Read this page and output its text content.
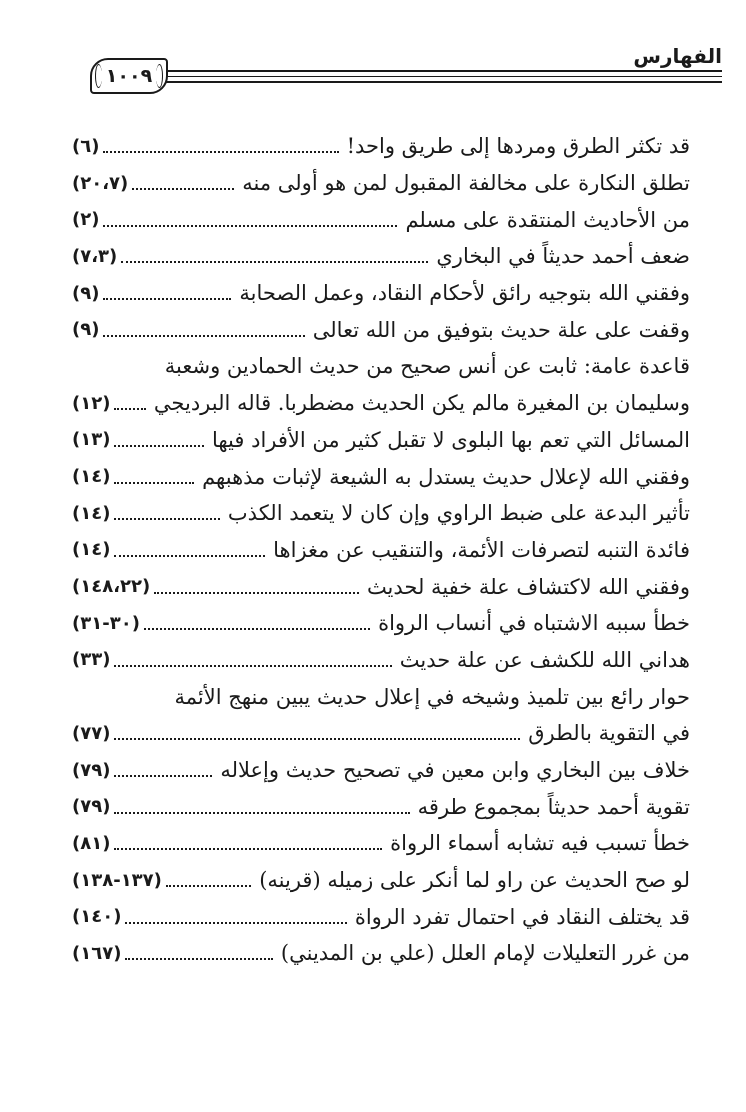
١٠٠٩
الفهارس
قد تكثر الطرق ومردها إلى طريق واحد!
(٦)
تطلق النكارة على مخالفة المقبول لمن هو أولى منه
(٢٠،٧)
من الأحاديث المنتقدة على مسلم
(٢)
ضعف أحمد حديثاً في البخاري
(٧،٣)
وفقني الله بتوجيه رائق لأحكام النقاد، وعمل الصحابة
(٩)
وقفت على علة حديث بتوفيق من الله تعالى
(٩)
قاعدة عامة: ثابت عن أنس صحيح من حديث الحمادين وشعبة
وسليمان بن المغيرة مالم يكن الحديث مضطربا. قاله البرديجي
(١٢)
المسائل التي تعم بها البلوى لا تقبل كثير من الأفراد فيها
(١٣)
وفقني الله لإعلال حديث يستدل به الشيعة لإثبات مذهبهم
(١٤)
تأثير البدعة على ضبط الراوي وإن كان لا يتعمد الكذب
(١٤)
فائدة التنبه لتصرفات الأئمة، والتنقيب عن مغزاها
(١٤)
وفقني الله لاكتشاف علة خفية لحديث
(١٤٨،٢٢)
خطأ سببه الاشتباه في أنساب الرواة
(٣٠-٣١)
هداني الله للكشف عن علة حديث
(٣٣)
حوار رائع بين تلميذ وشيخه في إعلال حديث يبين منهج الأئمة
في التقوية بالطرق
(٧٧)
خلاف بين البخاري وابن معين في تصحيح حديث وإعلاله
(٧٩)
تقوية أحمد حديثاً بمجموع طرقه
(٧٩)
خطأ تسبب فيه تشابه أسماء الرواة
(٨١)
لو صح الحديث عن راو لما أنكر على زميله (قرينه)
(١٣٧-١٣٨)
قد يختلف النقاد في احتمال تفرد الرواة
(١٤٠)
من غرر التعليلات لإمام العلل (علي بن المديني)
(١٦٧)
